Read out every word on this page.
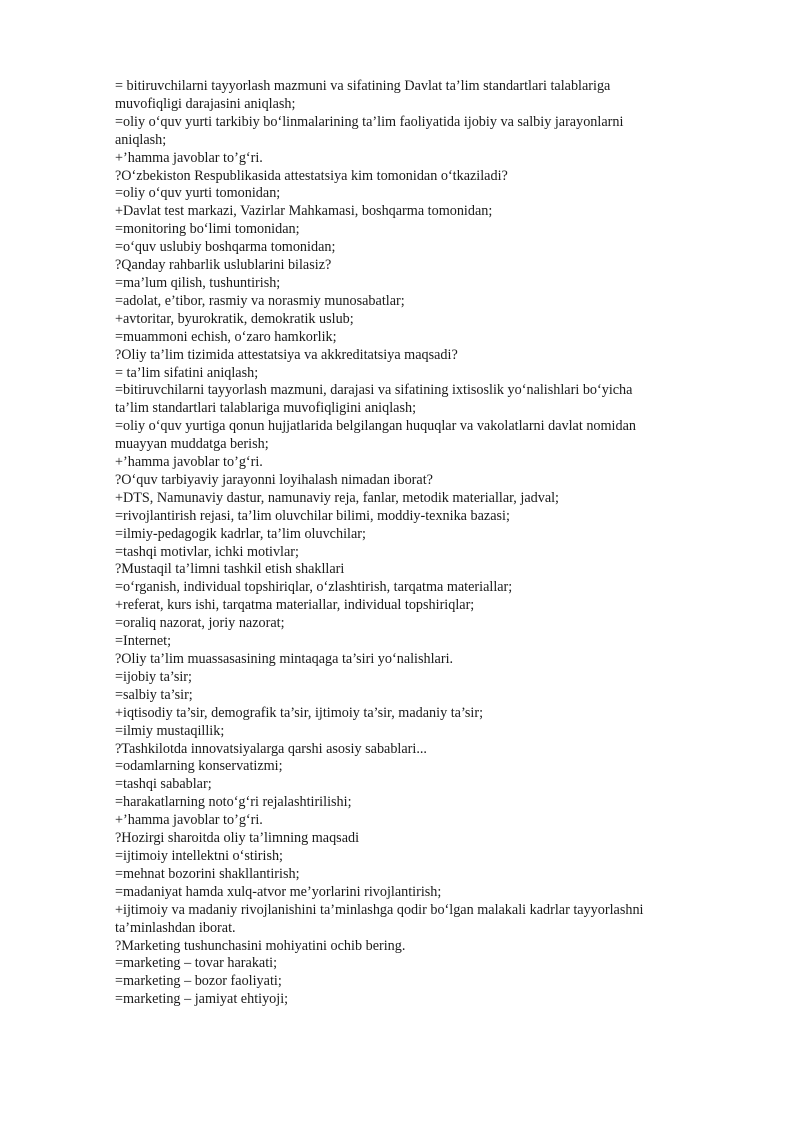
= bitiruvchilarni tayyorlash mazmuni va sifatining Davlat ta’lim standartlari talablariga
muvofiqligi darajasini aniqlash;
=oliy o‘quv yurti tarkibiy bo‘linmalarining ta’lim faoliyatida ijobiy va salbiy jarayonlarni
aniqlash;
+’hamma javoblar to’g‘ri.
?O‘zbekiston Respublikasida attestatsiya kim tomonidan o‘tkaziladi?
=oliy o‘quv yurti tomonidan;
+Davlat test markazi, Vazirlar Mahkamasi, boshqarma tomonidan;
=monitoring bo‘limi tomonidan;
=o‘quv uslubiy boshqarma tomonidan;
?Qanday rahbarlik uslublarini bilasiz?
=ma’lum qilish, tushuntirish;
=adolat, e’tibor, rasmiy va norasmiy munosabatlar;
+avtoritar, byurokratik, demokratik uslub;
=muammoni echish, o‘zaro hamkorlik;
?Oliy ta’lim tizimida attestatsiya va akkreditatsiya maqsadi?
= ta’lim sifatini aniqlash;
=bitiruvchilarni tayyorlash mazmuni, darajasi va sifatining ixtisoslik yo‘nalishlari bo‘yicha
ta’lim standartlari talablariga muvofiqligini aniqlash;
=oliy o‘quv yurtiga qonun hujjatlarida belgilangan huquqlar va vakolatlarni davlat nomidan
muayyan muddatga berish;
+’hamma javoblar to’g‘ri.
?O‘quv tarbiyaviy jarayonni loyihalash nimadan iborat?
+DTS, Namunaviy dastur, namunaviy reja, fanlar, metodik materiallar, jadval;
=rivojlantirish rejasi, ta’lim oluvchilar bilimi, moddiy-texnika bazasi;
=ilmiy-pedagogik kadrlar, ta’lim oluvchilar;
=tashqi motivlar, ichki motivlar;
?Mustaqil ta’limni tashkil etish shakllari
=o‘rganish, individual topshiriqlar, o‘zlashtirish, tarqatma materiallar;
+referat, kurs ishi, tarqatma materiallar, individual topshiriqlar;
=oraliq nazorat, joriy nazorat;
=Internet;
?Oliy ta’lim muassasasining mintaqaga ta’siri yo‘nalishlari.
=ijobiy ta’sir;
=salbiy ta’sir;
+iqtisodiy ta’sir, demografik ta’sir, ijtimoiy ta’sir, madaniy ta’sir;
=ilmiy mustaqillik;
?Tashkilotda innovatsiyalarga qarshi asosiy sabablari...
=odamlarning konservatizmi;
=tashqi sabablar;
=harakatlarning noto‘g‘ri rejalashtirilishi;
+’hamma javoblar to’g‘ri.
?Hozirgi sharoitda oliy ta’limning maqsadi
=ijtimoiy intellektni o‘stirish;
=mehnat bozorini shakllantirish;
=madaniyat hamda xulq-atvor me’yorlarini rivojlantirish;
+ijtimoiy va madaniy rivojlanishini ta’minlashga qodir bo‘lgan malakali kadrlar tayyorlashni
ta’minlashdan iborat.
?Marketing tushunchasini mohiyatini ochib bering.
=marketing – tovar harakati;
=marketing – bozor faoliyati;
=marketing – jamiyat ehtiyoji;
